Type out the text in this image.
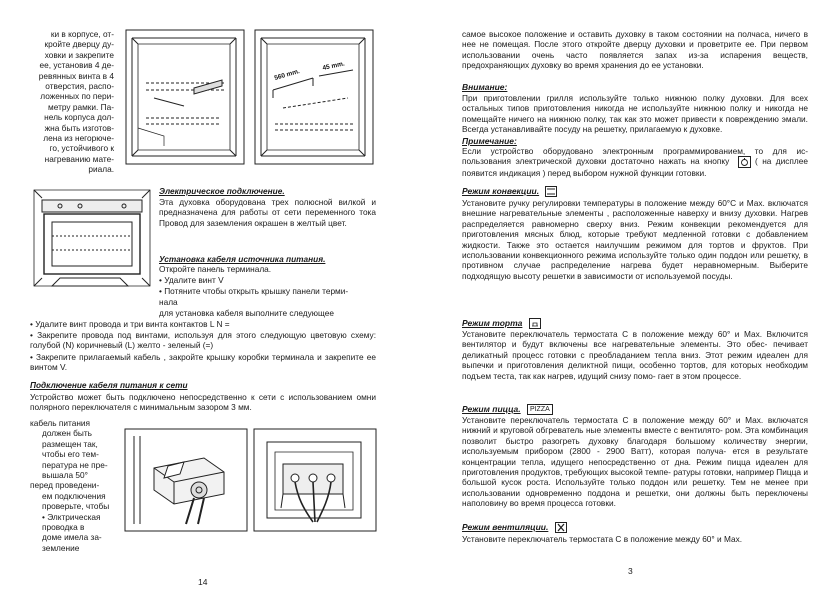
ки в корпусе, от-
кройте дверцу ду-
ховки и закрепите
ее, установив 4 де-
ревянных винта в 4
отверстия, распо-
ложенных по пери-
метру рамки. Па-
нель корпуса дол-
жна быть изготов-
лена из негорюче-
го, устойчивого к
нагреванию мате-
риала.
560 mm.
45 mm.
Электрическое подключение.
Эта духовка оборудована трех полюсной вилкой и предназначена для работы от сети переменного тока Провод для заземления окрашен в желтый цвет.
Установка кабеля источника питания.
Откройте панель терминала.
• Удалите винт V
• Потяните чтобы открыть крышку панели терми-
нала
для установка кабеля выполните следующее
• Удалите винт провода и три винта контактов L N =
• Закрепите провода под винтами, используя для этого следующую цветовую схему: голубой (N) коричневый (L) желто - зеленый (=)
• Закрепите прилагаемый кабель , закройте крышку коробки терминала и закрепите ее винтом V.
Подключение кабеля питания к сети
Устройство может быть подключено непосредственно к сети с использованием омни полярного переключателя с минимальным зазором 3 мм.
кабель питания
должен быть
размещен так,
чтобы его тем-
пература не пре-
вышала 50°
перед проведени-
ем подключения
проверьте, чтобы
• Элктрическая
проводка в
доме имела за-
землениe
14
самое высокое положение и оставить духовку в таком состоянии на полчаса, ничего в нее не помещая. После этого откройте дверцу духовки и проветрите ее. При первом использовании очень часто появляется запах из-за испарения веществ, предохраняющих духовку во время хранения до ее установки.
Внимание:
При приготовлении грилля используйте только нижнюю полку духовки. Для всех остальных типов приготовления никогда не используйте нижнюю полку и никогда не помещайте ничего на нижнюю полку, так как это может привести к повреждению эмали. Всегда устанавливайте посуду на решетку, прилагаемую к духовке.
Примечание:
Если устройство оборудовано электронным программированием, то для ис- пользования электрической духовки достаточно нажать на кнопку	( на дисплее появится индикация ) перед выбором нужной функции готовки.
Режим конвекции.
Установите ручку регулировки температуры в положение между 60°С и Мах. включатся внешние нагревательные элементы , расположенные наверху и внизу духовки. Нагрев распределяется равномерно сверху вниз. Режим конвекции рекомендуется для приготовления мясных блюд, которые требуют медленной готовки с добавлением жидкости. Также это остается наилучшим режимом для тортов и фруктов. При использовании конвекционного режима используйте только один поддон или решетку, в противном случае распределение нагрева будет неравномерным. Выберите подходящую высоту решетки в зависимости от используемой посуды.
Режим торта
Установите переключатель термостата С в положение между 60° и Мах. Включится вентилятор и будут включены все нагревательные элементы. Это обес- печивает деликатный процесс готовки с преобладанием тепла вниз. Этот режим идеален для выпечки и приготовления деликтной пищи, особенно тортов, для которых необходим подъем теста, так как нагрев, идущий снизу помо- гает в этом процессе.
Режим пицца. PIZZA
Установите переключатель термостата С в положение между 60° и Мах. включатся нижний и круговой обгреватель ные элементы вместе с вентилято- ром. Эта комбинация позволит быстро разогреть духовку благодаря большому количеству энергии, используемым прибором (2800 - 2900 Ватт), которая получа- ется в результате концентрации тепла, идущего непосредственно от дна. Режим пицца идеален для приготовления продуктов, требующих высокой темпе- ратуры готовки, например Пицца и большой кусок роста. Используйте только поддон или решетку. Тем не менее при использовании одновременно поддона и решетки, они должны быть переключены наполовину во время процесса готовки.
Режим вентиляции.
Установите переключатель термостата С в положение между 60° и Мах.
3
